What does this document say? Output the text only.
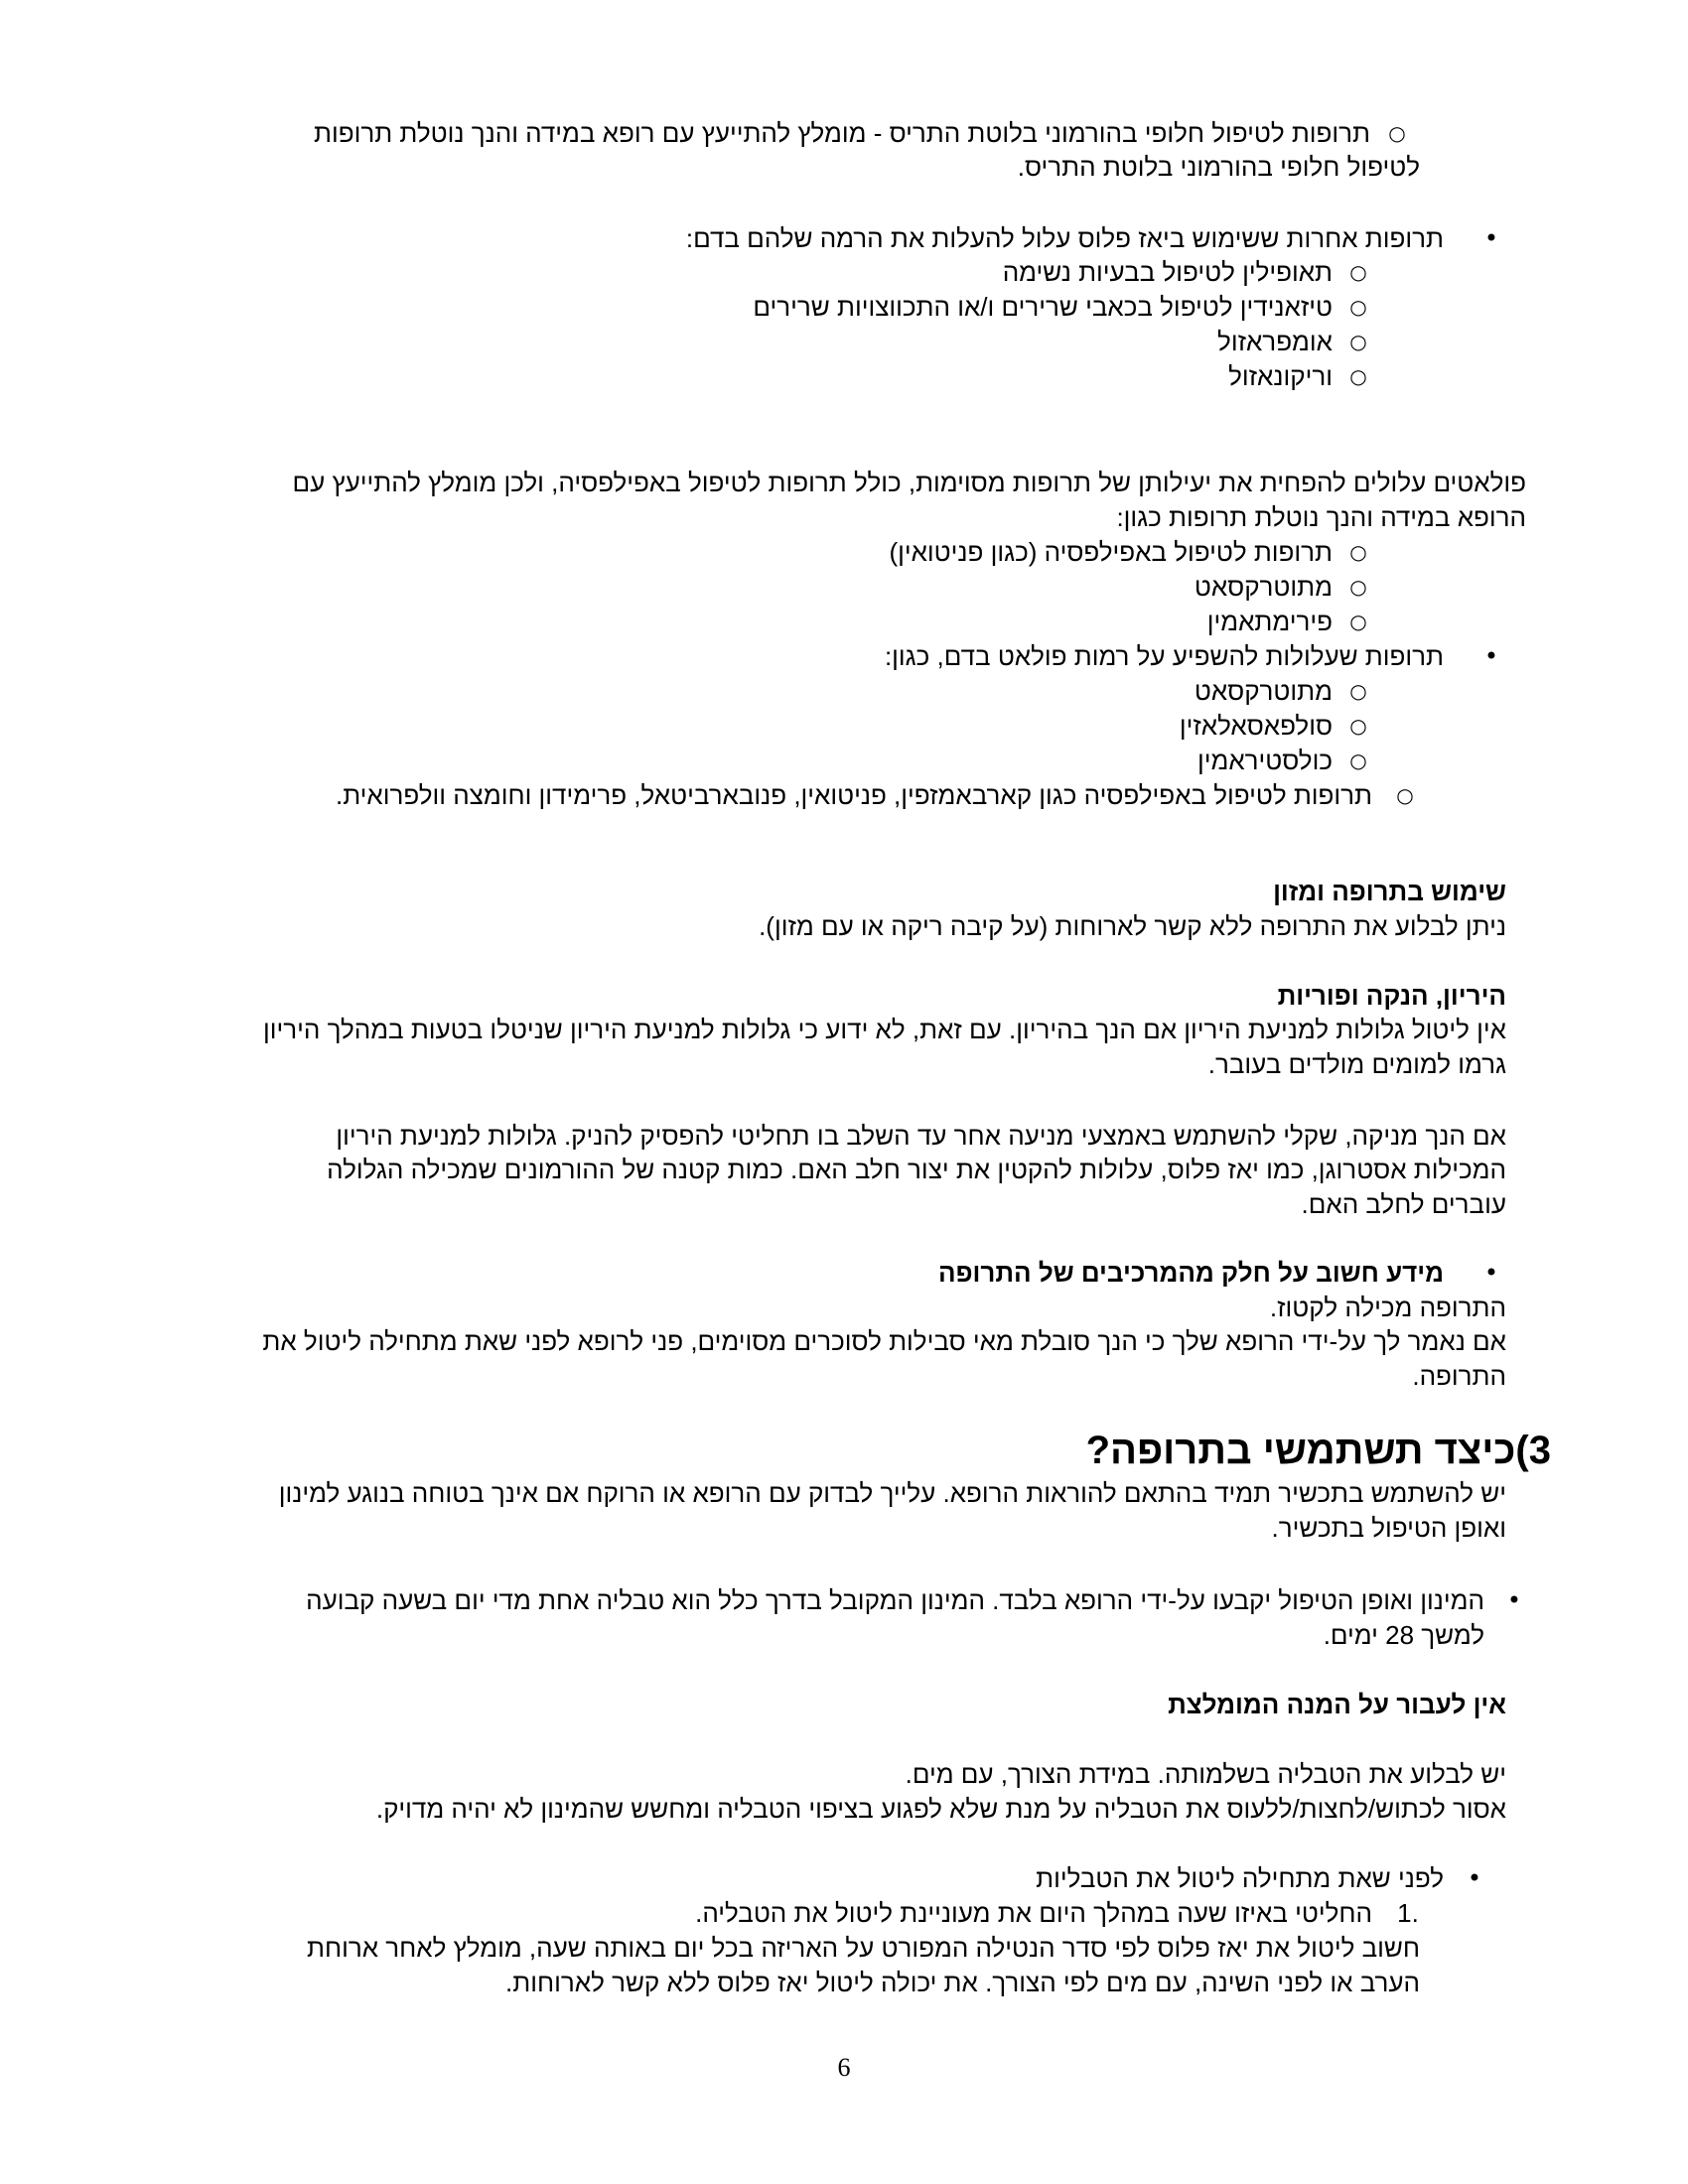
○
תרופות לטיפול חלופי בהורמוני בלוטת התריס - מומלץ להתייעץ עם רופא במידה והנך נוטלת תרופות
לטיפול חלופי בהורמוני בלוטת התריס.
•
תרופות אחרות ששימוש ביאז פלוס עלול להעלות את הרמה שלהם בדם:
○
תאופילין לטיפול בבעיות נשימה
○
טיזאנידין לטיפול בכאבי שרירים ו/או התכווצויות שרירים
○
אומפראזול
○
וריקונאזול
פולאטים עלולים להפחית את יעילותן של תרופות מסוימות, כולל תרופות לטיפול באפילפסיה, ולכן מומלץ להתייעץ עם
הרופא במידה והנך נוטלת תרופות כגון:
○
תרופות לטיפול באפילפסיה (כגון פניטואין)
○
מתוטרקסאט
○
פירימתאמין
•
תרופות שעלולות להשפיע על רמות פולאט בדם, כגון:
○
מתוטרקסאט
○
סולפאסאלאזין
○
כולסטיראמין
○
תרופות לטיפול באפילפסיה כגון קארבאמזפין, פניטואין, פנובארביטאל, פרימידון וחומצה וולפרואית.
שימוש בתרופה ומזון
ניתן לבלוע את התרופה ללא קשר לארוחות (על קיבה ריקה או עם מזון).
היריון, הנקה ופוריות
אין ליטול גלולות למניעת היריון אם הנך בהיריון. עם זאת, לא ידוע כי גלולות למניעת היריון שניטלו בטעות במהלך היריון
גרמו למומים מולדים בעובר.
אם הנך מניקה, שקלי להשתמש באמצעי מניעה אחר עד השלב בו תחליטי להפסיק להניק. גלולות למניעת היריון
המכילות אסטרוגן, כמו יאז פלוס, עלולות להקטין את יצור חלב האם. כמות קטנה של ההורמונים שמכילה הגלולה
עוברים לחלב האם.
•
מידע חשוב על חלק מהמרכיבים של התרופה
התרופה מכילה לקטוז.
אם נאמר לך על-ידי הרופא שלך כי הנך סובלת מאי סבילות לסוכרים מסוימים, פני לרופא לפני שאת מתחילה ליטול את
התרופה.
3)כיצד תשתמשי בתרופה?
יש להשתמש בתכשיר תמיד בהתאם להוראות הרופא. עלייך לבדוק עם הרופא או הרוקח אם אינך בטוחה בנוגע למינון
ואופן הטיפול בתכשיר.
•
המינון ואופן הטיפול יקבעו על-ידי הרופא בלבד. המינון המקובל בדרך כלל הוא טבליה אחת מדי יום בשעה קבועה
למשך 28 ימים.
אין לעבור על המנה המומלצת
יש לבלוע את הטבליה בשלמותה. במידת הצורך, עם מים.
אסור לכתוש/לחצות/ללעוס את הטבליה על מנת שלא לפגוע בציפוי הטבליה ומחשש שהמינון לא יהיה מדויק.
•
לפני שאת מתחילה ליטול את הטבליות
1.
החליטי באיזו שעה במהלך היום את מעוניינת ליטול את הטבליה.
חשוב ליטול את יאז פלוס לפי סדר הנטילה המפורט על האריזה בכל יום באותה שעה, מומלץ לאחר ארוחת
הערב או לפני השינה, עם מים לפי הצורך. את יכולה ליטול יאז פלוס ללא קשר לארוחות.
6
